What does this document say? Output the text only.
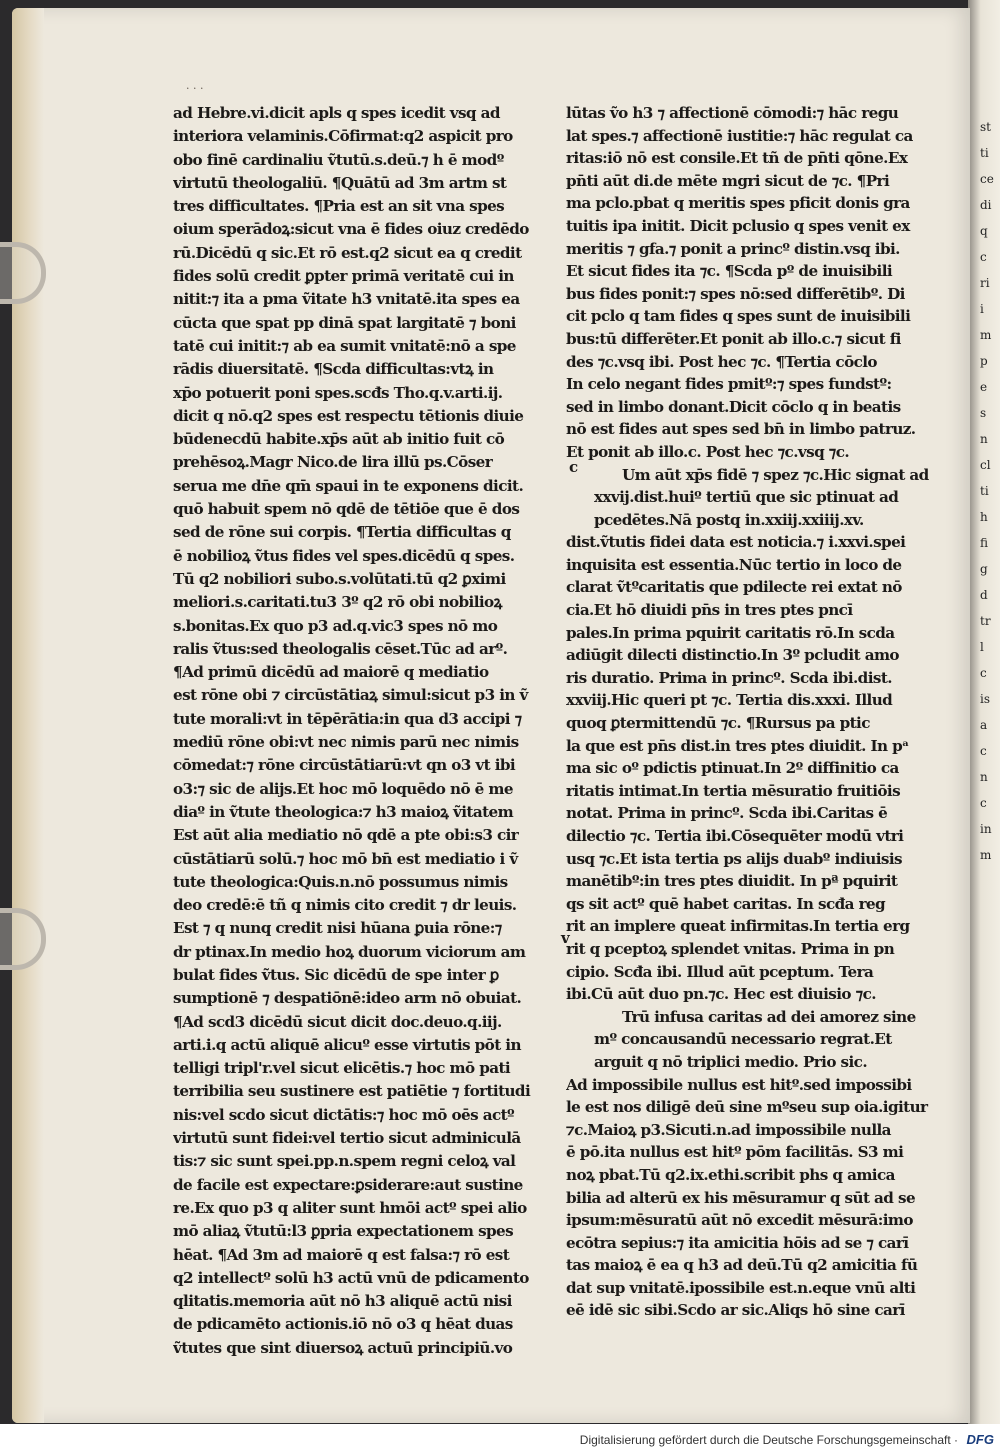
st
ti
ce
di
q
c
ri
i
m
p
e
s
n
cl
ti
h
fi
g
d
tr
l
c
is
a
c
n
c
in
m
· · ·
ad Hebre.vi.dicit apls q spes icedit vsq ad
interiora velaminis.Cōfirmat:q2 aspicit pro
obo finē cardinaliu ṽtutū.s.deū.⁊ h ē modº
virtutū theologaliū. ¶Quātū ad 3m artm st
tres difficultates. ¶Pria est an sit vna spes
oium sperādoꝝ:sicut vna ē fides oiuz credēdo
rū.Dicēdū q sic.Et rō est.q2 sicut ea q credit
fides solū credit ꝑpter primā veritatē cui in
nitit:⁊ ita a pma ṽitate h3 vnitatē.ita spes ea
cūcta que spat pp dinā spat largitatē ⁊ boni
tatē cui initit:⁊ ab ea sumit vnitatē:nō a spe
rādis diuersitatē. ¶Scda difficultas:vtꝝ in
xp̄o potuerit poni spes.scđs Tho.q.v.arti.ij.
dicit q nō.q2 spes est respectu tētionis diuie
būdenecdū habite.xp̄s aūt ab initio fuit cō
prehēsoꝝ.Magr Nico.de lira illū ps.Cōser
serua me dn̄e qm̄ spaui in te exponens dicit.
quō habuit spem nō qdē de tētiōe que ē dos
sed de rōne sui corpis. ¶Tertia difficultas q
ē nobilioꝝ ṽtus fides vel spes.dicēdū q spes.
Tū q2 nobiliori subo.s.volūtati.tū q2 ꝑximi
meliori.s.caritati.tu3 3º q2 rō obi nobilioꝝ
s.bonitas.Ex quo p3 ad.q.vic3 spes nō mo
ralis ṽtus:sed theologalis cēset.Tūc ad arº.
¶Ad primū dicēdū ad maiorē q mediatio
est rōne obi ⁊ circūstātiaꝝ simul:sicut p3 in ṽ
tute morali:vt in tēpērātia:in qua d3 accipi ⁊
mediū rōne obi:vt nec nimis parū nec nimis
cōmedat:⁊ rōne circūstātiarū:vt qn o3 vt ibi
o3:⁊ sic de alijs.Et hoc mō loquēdo nō ē me
diaº in ṽtute theologica:⁊ h3 maioꝝ ṽitatem
Est aūt alia mediatio nō qdē a pte obi:s3 cir
cūstātiarū solū.⁊ hoc mō bn̄ est mediatio i ṽ
tute theologica:Quis.n.nō possumus nimis
deo credē:ē tñ q nimis cito credit ⁊ dr leuis.
Est ⁊ q nunq credit nisi hūana ꝑuia rōne:⁊
dr ptinax.In medio hoꝝ duorum viciorum am
bulat fides ṽtus. Sic dicēdū de spe inter ꝑ
sumptionē ⁊ despatiōnē:ideo arm nō obuiat.
¶Ad scd3 dicēdū sicut dicit doc.deuo.q.iij.
arti.i.q actū aliquē alicuº esse virtutis pōt in
telligi tripl'r.vel sicut elicētis.⁊ hoc mō pati
terribilia seu sustinere est patiētie ⁊ fortitudi
nis:vel scdo sicut dictātis:⁊ hoc mō oēs actº
virtutū sunt fidei:vel tertio sicut adminiculā
tis:⁊ sic sunt spei.pp.n.spem regni celoꝝ val
de facile est expectare:ꝑsiderare:aut sustine
re.Ex quo p3 q aliter sunt hmōi actº spei alio
mō aliaꝝ ṽtutū:l3 ꝑpria expectationem spes
hēat. ¶Ad 3m ad maiorē q est falsa:⁊ rō est
q2 intellectº solū h3 actū vnū de pdicamento
qlitatis.memoria aūt nō h3 aliquē actū nisi
de pdicamēto actionis.iō nō o3 q hēat duas
ṽtutes que sint diuersoꝝ actuū principiū.vo
lūtas ṽo h3 ⁊ affectionē cōmodi:⁊ hāc regu
lat spes.⁊ affectionē iustitie:⁊ hāc regulat ca
ritas:iō nō est consile.Et tñ de pn̄ti qōne.Ex
pn̄ti aūt di.de mēte mgri sicut de ⁊c. ¶Pri
ma pclo.pbat q meritis spes pficit donis gra
tuitis ipa initit. Dicit pclusio q spes venit ex
meritis ⁊ gfa.⁊ ponit a princº distin.vsq ibi.
Et sicut fides ita ⁊c. ¶Scda pº de inuisibili
bus fides ponit:⁊ spes nō:sed differētibº. Di
cit pclo q tam fides q spes sunt de inuisibili
bus:tū differēter.Et ponit ab illo.c.⁊ sicut fi
des ⁊c.vsq ibi. Post hec ⁊c. ¶Tertia cōclo
In celo negant fides pmitº:⁊ spes fundstº:
sed in limbo donant.Dicit cōclo q in beatis
nō est fides aut spes sed bn̄ in limbo patruz.
Et ponit ab illo.c. Post hec ⁊c.vsq ⁊c.
Um aūt xp̄s fidē ⁊ spez ⁊c.Hic signat ad
xxvij.dist.huiº tertiū que sic ptinuat ad
pcedētes.Nā postq in.xxiij.xxiiij.xv.
dist.ṽtutis fidei data est noticia.⁊ i.xxvi.spei
inquisita est essentia.Nūc tertio in loco de
clarat ṽtºcaritatis que pdilecte rei extat nō
cia.Et hō diuidi pn̄s in tres ptes pncī
pales.In prima pquirit caritatis rō.In scda
adiūgit dilecti distinctio.In 3º pcludit amo
ris duratio. Prima in princº. Scda ibi.dist.
xxviij.Hic queri pt ⁊c. Tertia dis.xxxi. Illud
quoq ꝑtermittendū ⁊c. ¶Rursus pa ptic
la que est pn̄s dist.in tres ptes diuidit. In pᵃ
ma sic oº pdictis ptinuat.In 2º diffinitio ca
ritatis intimat.In tertia mēsuratio fruitiōis
notat. Prima in princº. Scda ibi.Caritas ē
dilectio ⁊c. Tertia ibi.Cōsequēter modū vtri
usq ⁊c.Et ista tertia ps alijs duabº indiuisis
manētibº:in tres ptes diuidit. In pª pquirit
qs sit actº quē habet caritas. In scđa reg
rit an implere queat infirmitas.In tertia erg
rit q pceptoꝝ splendet vnitas. Prima in pn
cipio. Scđa ibi. Illud aūt pceptum. Tera
ibi.Cū aūt duo pn.⁊c. Hec est diuisio ⁊c.
Trū infusa caritas ad dei amorez sine
mº concausandū necessario regrat.Et
arguit q nō triplici medio. Prio sic.
Ad impossibile nullus est hitº.sed impossibi
le est nos diligē deū sine mºseu sup oia.igitur
⁊c.Maioꝝ p3.Sicuti.n.ad impossibile nulla
ē pō.ita nullus est hitº pōm facilitās. S3 mi
noꝝ pbat.Tū q2.ix.ethi.scribit phs q amica
bilia ad alterū ex his mēsuramur q sūt ad se
ipsum:mēsuratū aūt nō excedit mēsurā:imo
ecōtra sepius:⁊ ita amicitia hōis ad se ⁊ carī
tas maioꝝ ē ea q h3 ad deū.Tū q2 amicitia fū
dat sup vnitatē.ipossibile est.n.eque vnū alti
eē idē sic sibi.Scdo ar sic.Aliqs hō sine carī
c
v
Digitalisierung gefördert durch die Deutsche Forschungsgemeinschaft · DFG
